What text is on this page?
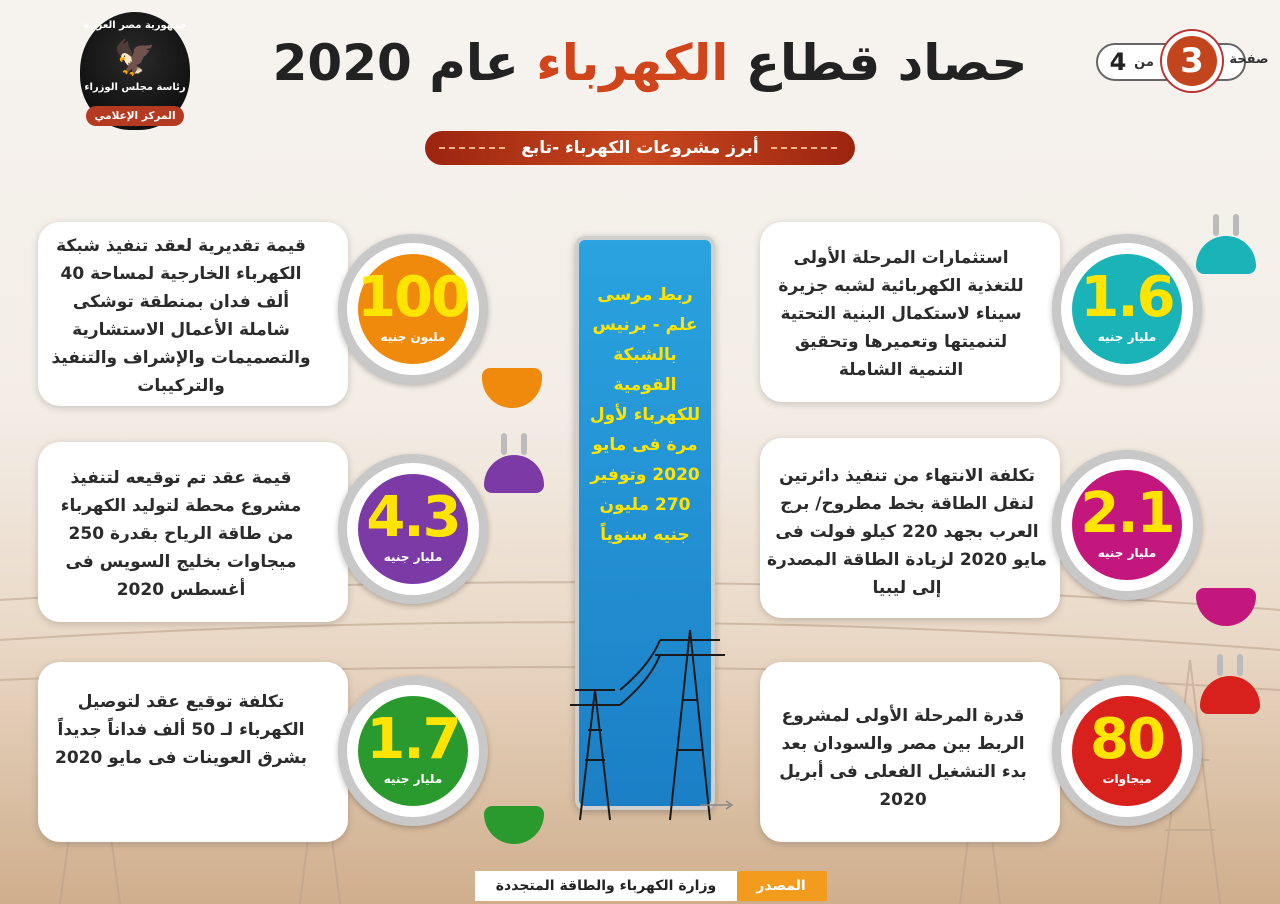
جمهورية مصر العربية
🦅
رئاسة مجلس الوزراء
المركز الإعلامي
حصاد قطاع الكهرباء عام 2020	4 من 3	صفحة
أبرز مشروعات الكهرباء -تابع
ربط مرسى علم - برنيس بالشبكة القومية للكهرباء لأول مرة فى مايو 2020 وتوفير 270 مليون جنيه سنوياً
استثمارات المرحلة الأولى للتغذية الكهربائية لشبه جزيرة سيناء لاستكمال البنية التحتية لتنميتها وتعميرها وتحقيق التنمية الشاملة
1.6
مليار جنيه
تكلفة الانتهاء من تنفيذ دائرتين لنقل الطاقة بخط مطروح/ برج العرب بجهد 220 كيلو فولت فى مايو 2020 لزيادة الطاقة المصدرة إلى ليبيا
2.1
مليار جنيه
قدرة المرحلة الأولى لمشروع الربط بين مصر والسودان بعد بدء التشغيل الفعلى فى أبريل 2020
80
ميجاوات
قيمة تقديرية لعقد تنفيذ شبكة الكهرباء الخارجية لمساحة 40 ألف فدان بمنطقة توشكى شاملة الأعمال الاستشارية والتصميمات والإشراف والتنفيذ والتركيبات
100
مليون جنيه
قيمة عقد تم توقيعه لتنفيذ مشروع محطة لتوليد الكهرباء من طاقة الرياح بقدرة 250 ميجاوات بخليج السويس فى أغسطس 2020
4.3
مليار جنيه
تكلفة توقيع عقد لتوصيل الكهرباء لـ 50 ألف فداناً جديداً بشرق العوينات فى مايو 2020 1.7
مليار جنيه
المصدر
وزارة الكهرباء والطاقة المتجددة
